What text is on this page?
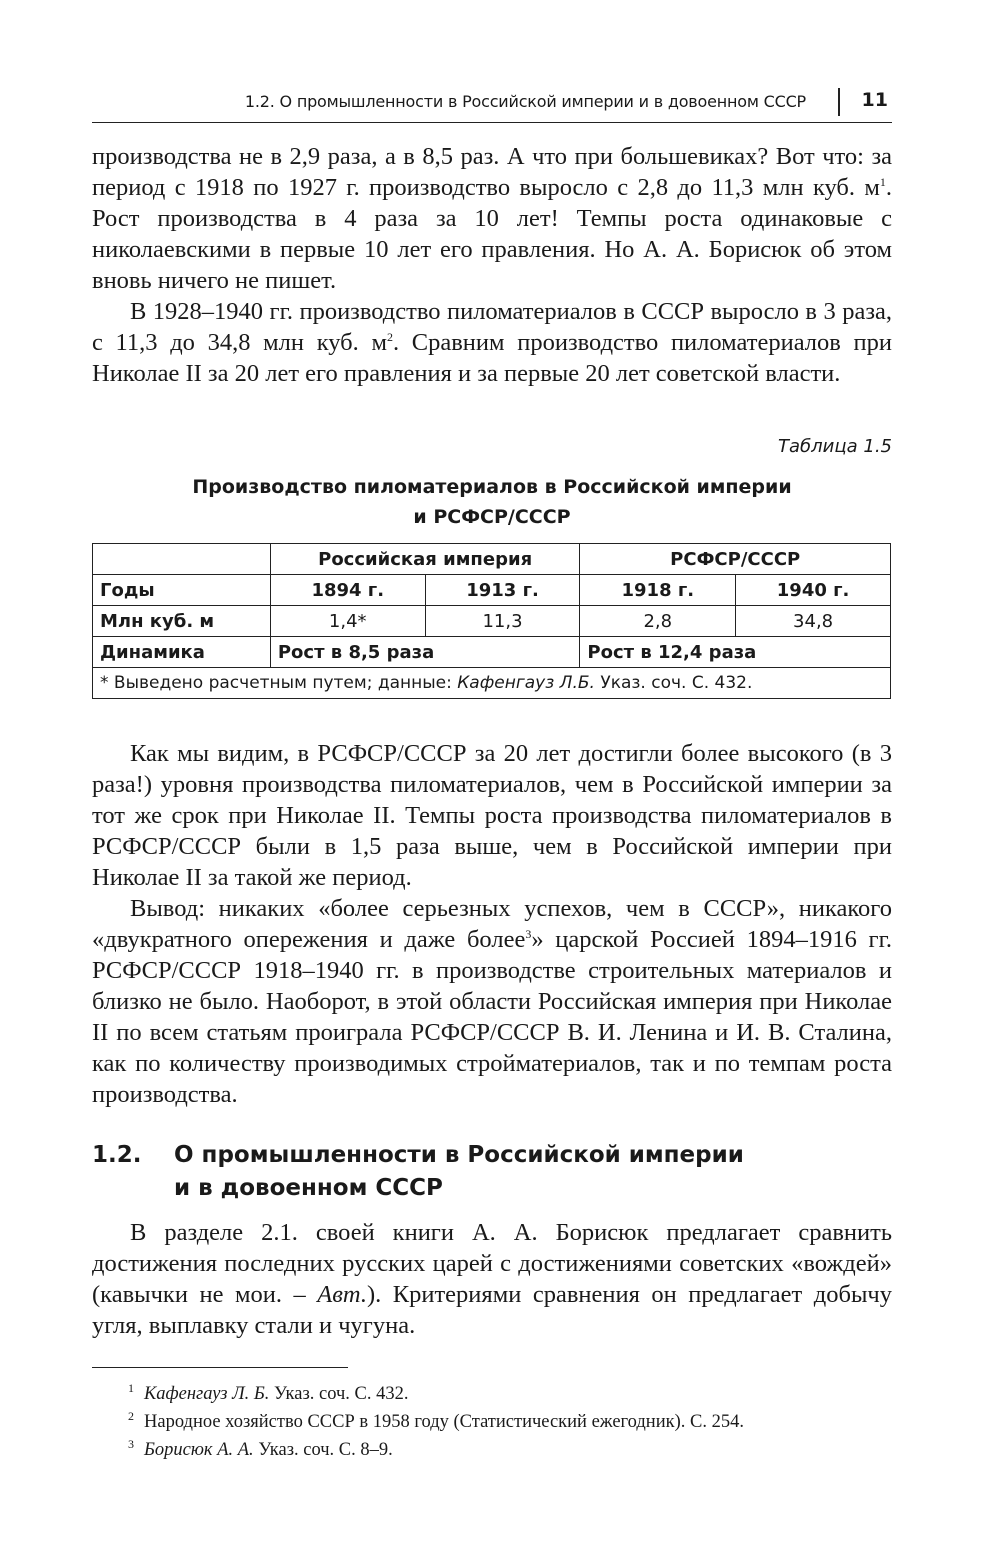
1.2. О промышленности в Российской империи и в довоенном СССР	11

производства не в 2,9 раза, а в 8,5 раз. А что при большевиках? Вот что: за период с 1918 по 1927 г. производство выросло с 2,8 до 11,3 млн куб. $м^1$. Рост производства в 4 раза за 10 лет! Темпы роста одинаковые с николаевскими в первые 10 лет его правления. Но А. А. Борисюк об этом вновь ничего не пишет.

В 1928–1940 гг. производство пиломатериалов в СССР выросло в 3 раза, с 11,3 до 34,8 млн куб. $м^2$. Сравним производство пиломатериалов при Николае II за 20 лет его правления и за первые 20 лет советской власти.

Таблица 1.5
Производство пиломатериалов в Российской империи
и РСФСР/СССР
	Российская империя		РСФСР/СССР	
Годы	1894 г.	1913 г.	1918 г.	1940 г.
Млн куб. м	1,4*	11,3	2,8	34,8
Динамика	Рост в 8,5 раза		Рост в 12,4 раза	
* Выведено расчетным путем; данные: Кафенгауз Л.Б. Указ. соч. С. 432.				

Как мы видим, в РСФСР/СССР за 20 лет достигли более высокого (в 3 раза!) уровня производства пиломатериалов, чем в Российской империи за тот же срок при Николае II. Темпы роста производства пиломатериалов в РСФСР/СССР были в 1,5 раза выше, чем в Российской империи при Николае II за такой же период.

Вывод: никаких «более серьезных успехов, чем в СССР», никакого «двукратного опережения и даже более$^3$» царской Россией 1894–1916 гг. РСФСР/СССР 1918–1940 гг. в производстве строительных материалов и близко не было. Наоборот, в этой области Российская империя при Николае II по всем статьям проиграла РСФСР/СССР В. И. Ленина и И. В. Сталина, как по количеству производимых стройматериалов, так и по темпам роста производства.

1.2. О промышленности в Российской империи
и в довоенном СССР

В разделе 2.1. своей книги А. А. Борисюк предлагает сравнить достижения последних русских царей с достижениями советских «вождей» (кавычки не мои. – Авт.). Критериями сравнения он предлагает добычу угля, выплавку стали и чугуна.

1 Кафенгауз Л. Б. Указ. соч. С. 432.
2 Народное хозяйство СССР в 1958 году (Статистический ежегодник). С. 254.
3 Борисюк А. А. Указ. соч. С. 8–9.
